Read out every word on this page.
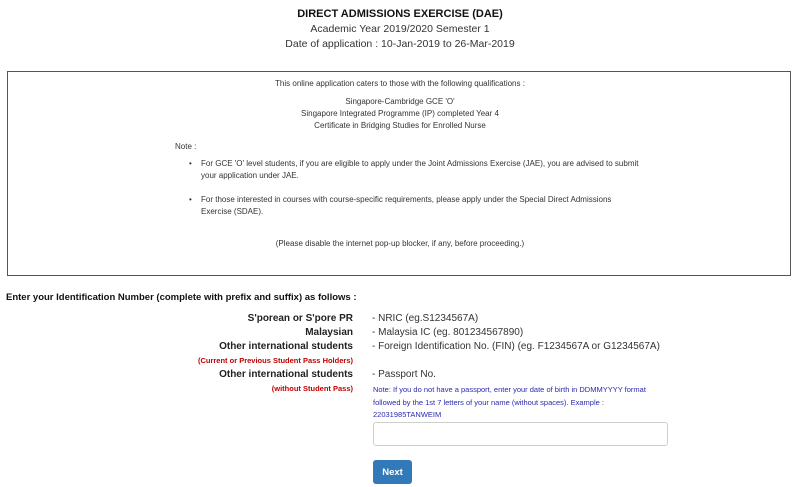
DIRECT ADMISSIONS EXERCISE (DAE)
Academic Year 2019/2020 Semester 1
Date of application : 10-Jan-2019 to 26-Mar-2019
This online application caters to those with the following qualifications :
Singapore-Cambridge GCE 'O'
Singapore Integrated Programme (IP) completed Year 4
Certificate in Bridging Studies for Enrolled Nurse
Note :
• For GCE 'O' level students, if you are eligible to apply under the Joint Admissions Exercise (JAE), you are advised to submit your application under JAE.
• For those interested in courses with course-specific requirements, please apply under the Special Direct Admissions Exercise (SDAE).
(Please disable the internet pop-up blocker, if any, before proceeding.)
Enter your Identification Number (complete with prefix and suffix) as follows :
S'porean or S'pore PR - NRIC (eg.S1234567A)
Malaysian - Malaysia IC (eg. 801234567890)
Other international students - Foreign Identification No. (FIN) (eg. F1234567A or G1234567A)
(Current or Previous Student Pass Holders)
Other international students - Passport No.
(without Student Pass)	Note: If you do not have a passport, enter your date of birth in DDMMYYYY format followed by the 1st 7 letters of your name (without spaces). Example : 22031985TANWEIM
Next
